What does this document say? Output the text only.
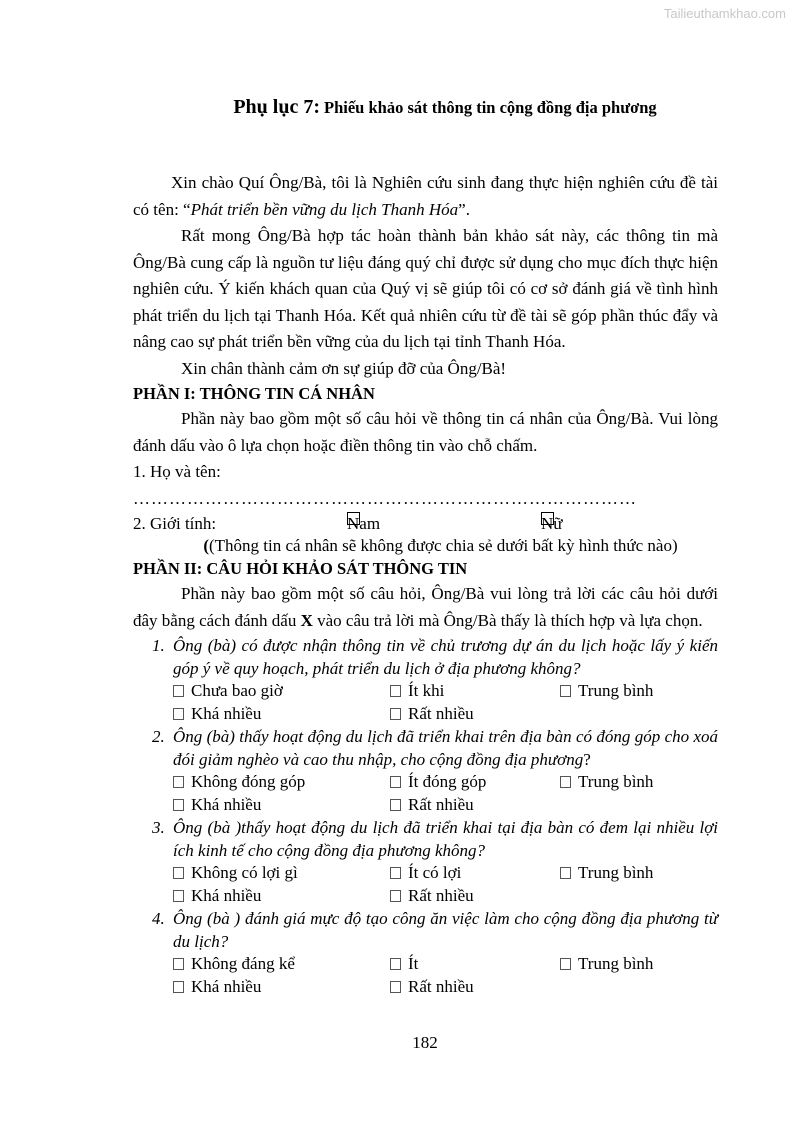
Tailieuthamkhao.com
Phụ lục 7: Phiếu khảo sát thông tin cộng đồng địa phương

Xin chào Quí Ông/Bà, tôi là Nghiên cứu sinh đang thực hiện nghiên cứu đề tài có tên: “Phát triển bền vững du lịch Thanh Hóa”.

Rất mong Ông/Bà hợp tác hoàn thành bản khảo sát này, các thông tin mà Ông/Bà cung cấp là nguồn tư liệu đáng quý chỉ được sử dụng cho mục đích thực hiện nghiên cứu. Ý kiến khách quan của Quý vị sẽ giúp tôi có cơ sở đánh giá về tình hình phát triển du lịch tại Thanh Hóa. Kết quả nhiên cứu từ đề tài sẽ góp phần thúc đẩy và nâng cao sự phát triển bền vững của du lịch tại tỉnh Thanh Hóa.

Xin chân thành cảm ơn sự giúp đỡ của Ông/Bà!

PHẦN I: THÔNG TIN CÁ NHÂN

Phần này bao gồm một số câu hỏi về thông tin cá nhân của Ông/Bà. Vui lòng đánh dấu vào ô lựa chọn hoặc điền thông tin vào chỗ chấm.

1. Họ và tên:

…………………………………………………………………………

2. Giới tính:	Nam	Nữ

((Thông tin cá nhân sẽ không được chia sẻ dưới bất kỳ hình thức nào)

PHẦN II: CÂU HỎI KHẢO SÁT THÔNG TIN

Phần này bao gồm một số câu hỏi, Ông/Bà vui lòng trả lời các câu hỏi dưới đây bằng cách đánh dấu X vào câu trả lời mà Ông/Bà thấy là thích hợp và lựa chọn.

1. Ông (bà) có được nhận thông tin về chủ trương dự án du lịch hoặc lấy ý kiến góp ý về quy hoạch, phát triển du lịch ở địa phương không?
Chưa bao giờ	Ít khi	Trung bình
Khá nhiều	Rất nhiều
2. Ông (bà) thấy hoạt động du lịch đã triển khai trên địa bàn có đóng góp cho xoá đói giảm nghèo và cao thu nhập, cho cộng đồng địa phương?
Không đóng góp	Ít đóng góp	Trung bình
Khá nhiều	Rất nhiều
3. Ông (bà )thấy hoạt động du lịch đã triển khai tại địa bàn có đem lại nhiều lợi ích kinh tế cho cộng đồng địa phương không?
Không có lợi gì	Ít có lợi	Trung bình
Khá nhiều	Rất nhiều
4. Ông (bà ) đánh giá mực độ tạo công ăn việc làm cho cộng đồng địa phương từ du lịch?
Không đáng kể	Ít	Trung bình
Khá nhiều	Rất nhiều
182
